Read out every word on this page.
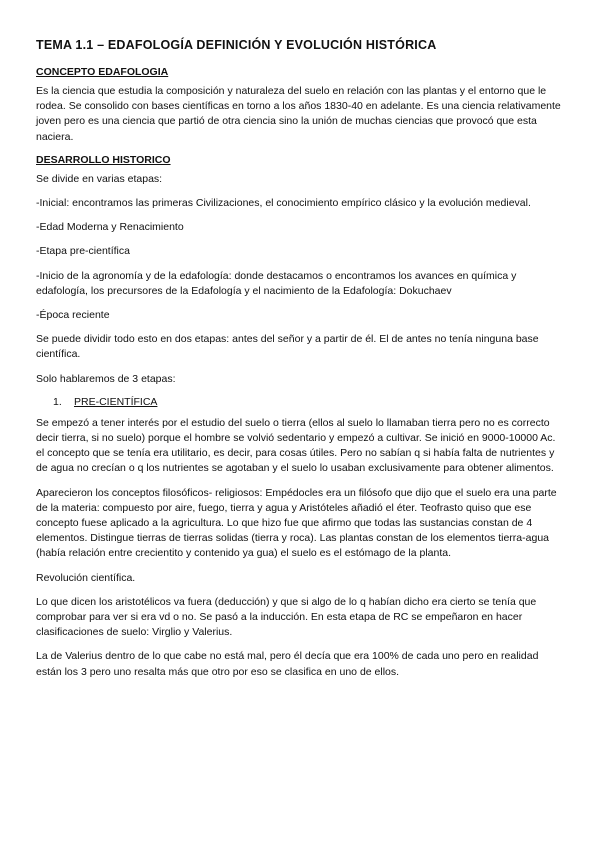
TEMA 1.1 – EDAFOLOGÍA DEFINICIÓN Y EVOLUCIÓN HISTÓRICA
CONCEPTO EDAFOLOGIA

Es la ciencia que estudia la composición y naturaleza del suelo en relación con las plantas y el entorno que le rodea. Se consolido con bases científicas en torno a los años 1830-40 en adelante. Es una ciencia relativamente joven pero es una ciencia que partió de otra ciencia sino la unión de muchas ciencias que provocó que esta naciera.

DESARROLLO HISTORICO

Se divide en varias etapas:

-Inicial: encontramos las primeras Civilizaciones, el conocimiento empírico clásico y la evolución medieval.

-Edad Moderna y Renacimiento

-Etapa pre-científica

-Inicio de la agronomía y de la edafología: donde destacamos o encontramos los avances en química y edafología, los precursores de la Edafología y el nacimiento de la Edafología: Dokuchaev

-Época reciente

Se puede dividir todo esto en dos etapas: antes del señor y a partir de él. El de antes no tenía ninguna base científica.

Solo hablaremos de 3 etapas:

1.	PRE-CIENTÍFICA

Se empezó a tener interés por el estudio del suelo o tierra (ellos al suelo lo llamaban tierra pero no es correcto decir tierra, si no suelo) porque el hombre se volvió sedentario y empezó a cultivar. Se inició en 9000-10000 Ac. el concepto que se tenía era utilitario, es decir, para cosas útiles. Pero no sabían q si había falta de nutrientes y de agua no crecían o q los nutrientes se agotaban y el suelo lo usaban exclusivamente para obtener alimentos.

Aparecieron los conceptos filosóficos- religiosos: Empédocles era un filósofo que dijo que el suelo era una parte de la materia: compuesto por aire, fuego, tierra y agua y Aristóteles añadió el éter. Teofrasto quiso que ese concepto fuese aplicado a la agricultura. Lo que hizo fue que afirmo que todas las sustancias constan de 4 elementos. Distingue tierras de tierras solidas (tierra y roca). Las plantas constan de los elementos tierra-agua (había relación entre crecientito y contenido ya gua) el suelo es el estómago de la planta.

Revolución científica.

Lo que dicen los aristotélicos va fuera (deducción) y que si algo de lo q habían dicho era cierto se tenía que comprobar para ver si era vd o no. Se pasó a la inducción. En esta etapa de RC se empeñaron en hacer clasificaciones de suelo: Virglio y Valerius.

La de Valerius dentro de lo que cabe no está mal, pero él decía que era 100% de cada uno pero en realidad están los 3 pero uno resalta más que otro por eso se clasifica en uno de ellos.
